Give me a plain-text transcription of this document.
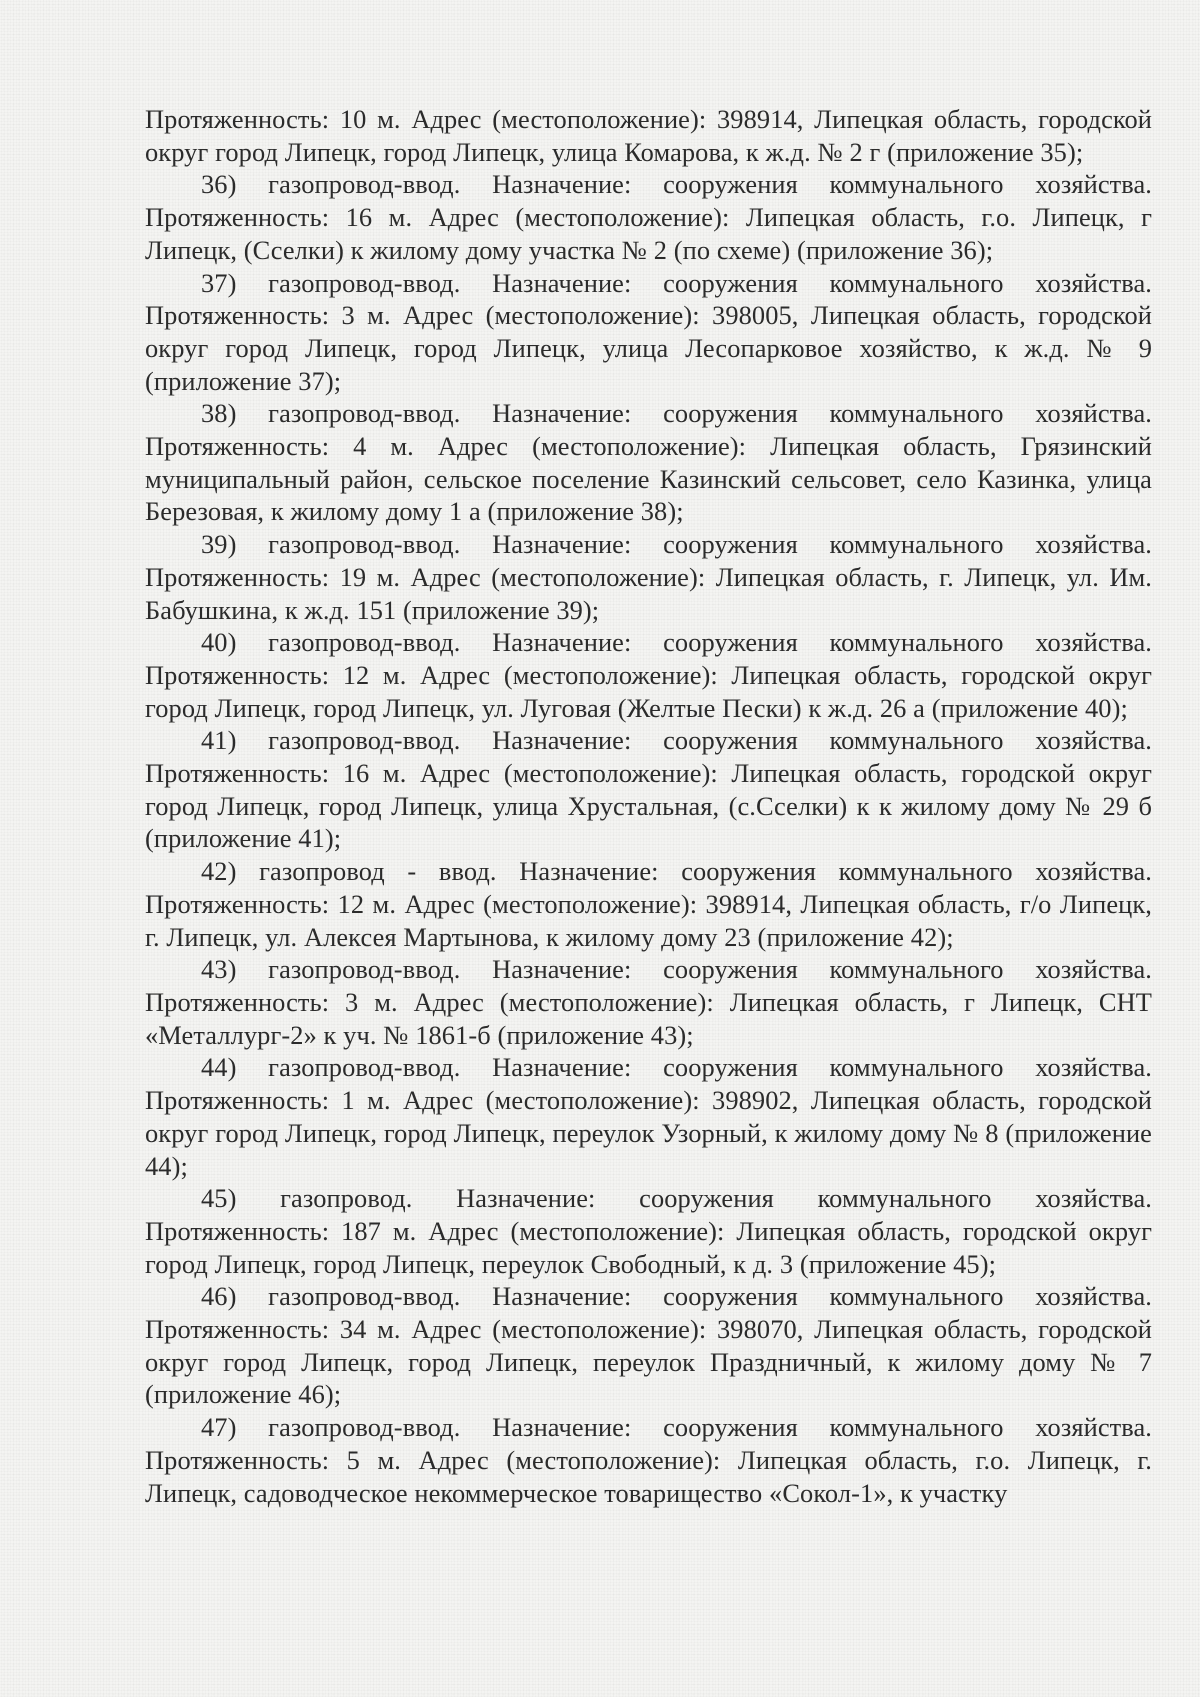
Протяженность: 10 м. Адрес (местоположение): 398914, Липецкая область, городской округ город Липецк, город Липецк, улица Комарова, к ж.д. № 2 г (приложение 35);

36) газопровод-ввод. Назначение: сооружения коммунального хозяйства. Протяженность: 16 м. Адрес (местоположение): Липецкая область, г.о. Липецк, г Липецк, (Сселки) к жилому дому участка № 2 (по схеме) (приложение 36);

37) газопровод-ввод. Назначение: сооружения коммунального хозяйства. Протяженность: 3 м. Адрес (местоположение): 398005, Липецкая область, городской округ город Липецк, город Липецк, улица Лесопарковое хозяйство, к ж.д. № 9 (приложение 37);

38) газопровод-ввод. Назначение: сооружения коммунального хозяйства. Протяженность: 4 м. Адрес (местоположение): Липецкая область, Грязинский муниципальный район, сельское поселение Казинский сельсовет, село Казинка, улица Березовая, к жилому дому 1 а (приложение 38);

39) газопровод-ввод. Назначение: сооружения коммунального хозяйства. Протяженность: 19 м. Адрес (местоположение): Липецкая область, г. Липецк, ул. Им. Бабушкина, к ж.д. 151 (приложение 39);

40) газопровод-ввод. Назначение: сооружения коммунального хозяйства. Протяженность: 12 м. Адрес (местоположение): Липецкая область, городской округ город Липецк, город Липецк, ул. Луговая (Желтые Пески) к ж.д. 26 а (приложение 40);

41) газопровод-ввод. Назначение: сооружения коммунального хозяйства. Протяженность: 16 м. Адрес (местоположение): Липецкая область, городской округ город Липецк, город Липецк, улица Хрустальная, (с.Сселки) к к жилому дому № 29 б (приложение 41);

42) газопровод - ввод. Назначение: сооружения коммунального хозяйства. Протяженность: 12 м. Адрес (местоположение): 398914, Липецкая область, г/о Липецк, г. Липецк, ул. Алексея Мартынова, к жилому дому 23 (приложение 42);

43) газопровод-ввод. Назначение: сооружения коммунального хозяйства. Протяженность: 3 м. Адрес (местоположение): Липецкая область, г Липецк, СНТ «Металлург-2» к уч. № 1861-б (приложение 43);

44) газопровод-ввод. Назначение: сооружения коммунального хозяйства. Протяженность: 1 м. Адрес (местоположение): 398902, Липецкая область, городской округ город Липецк, город Липецк, переулок Узорный, к жилому дому № 8 (приложение 44);

45) газопровод. Назначение: сооружения коммунального хозяйства. Протяженность: 187 м. Адрес (местоположение): Липецкая область, городской округ город Липецк, город Липецк, переулок Свободный, к д. 3 (приложение 45);

46) газопровод-ввод. Назначение: сооружения коммунального хозяйства. Протяженность: 34 м. Адрес (местоположение): 398070, Липецкая область, городской округ город Липецк, город Липецк, переулок Праздничный, к жилому дому № 7 (приложение 46);

47) газопровод-ввод. Назначение: сооружения коммунального хозяйства. Протяженность: 5 м. Адрес (местоположение): Липецкая область, г.о. Липецк, г. Липецк, садоводческое некоммерческое товарищество «Сокол-1», к участку
